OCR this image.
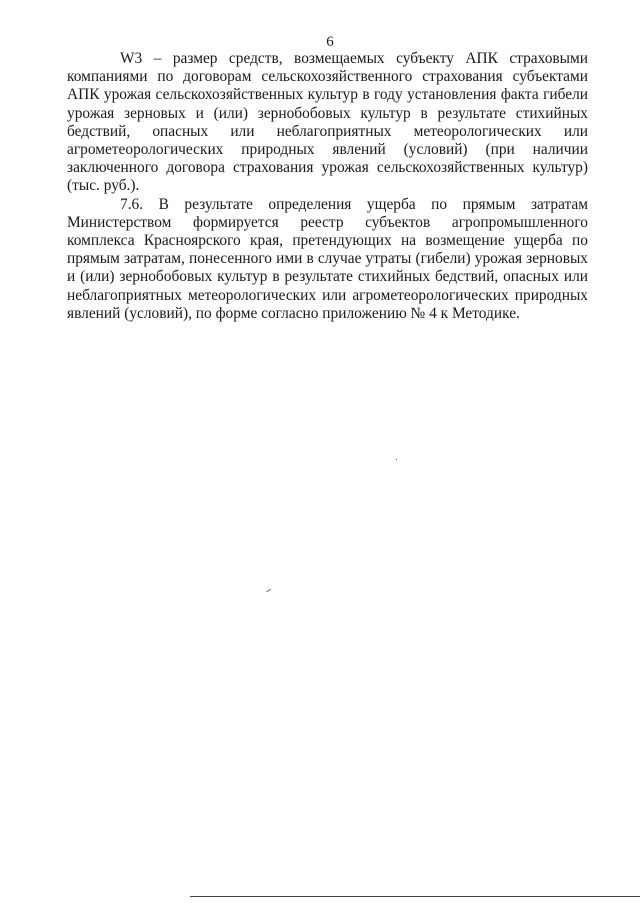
6

W3 – размер средств, возмещаемых субъекту АПК страховыми компаниями по договорам сельскохозяйственного страхования субъектами АПК урожая сельскохозяйственных культур в году установления факта гибели урожая зерновых и (или) зернобобовых культур в результате стихийных бедствий, опасных или неблагоприятных метеорологических или агрометеорологических природных явлений (условий) (при наличии заключенного договора страхования урожая сельскохозяйственных культур) (тыс. руб.).

7.6. В результате определения ущерба по прямым затратам Министерством формируется реестр субъектов агропромышленного комплекса Красноярского края, претендующих на возмещение ущерба по прямым затратам, понесенного ими в случае утраты (гибели) урожая зерновых и (или) зернобобовых культур в результате стихийных бедствий, опасных или неблагоприятных метеорологических или агрометеорологических природных явлений (условий), по форме согласно приложению № 4 к Методике.
